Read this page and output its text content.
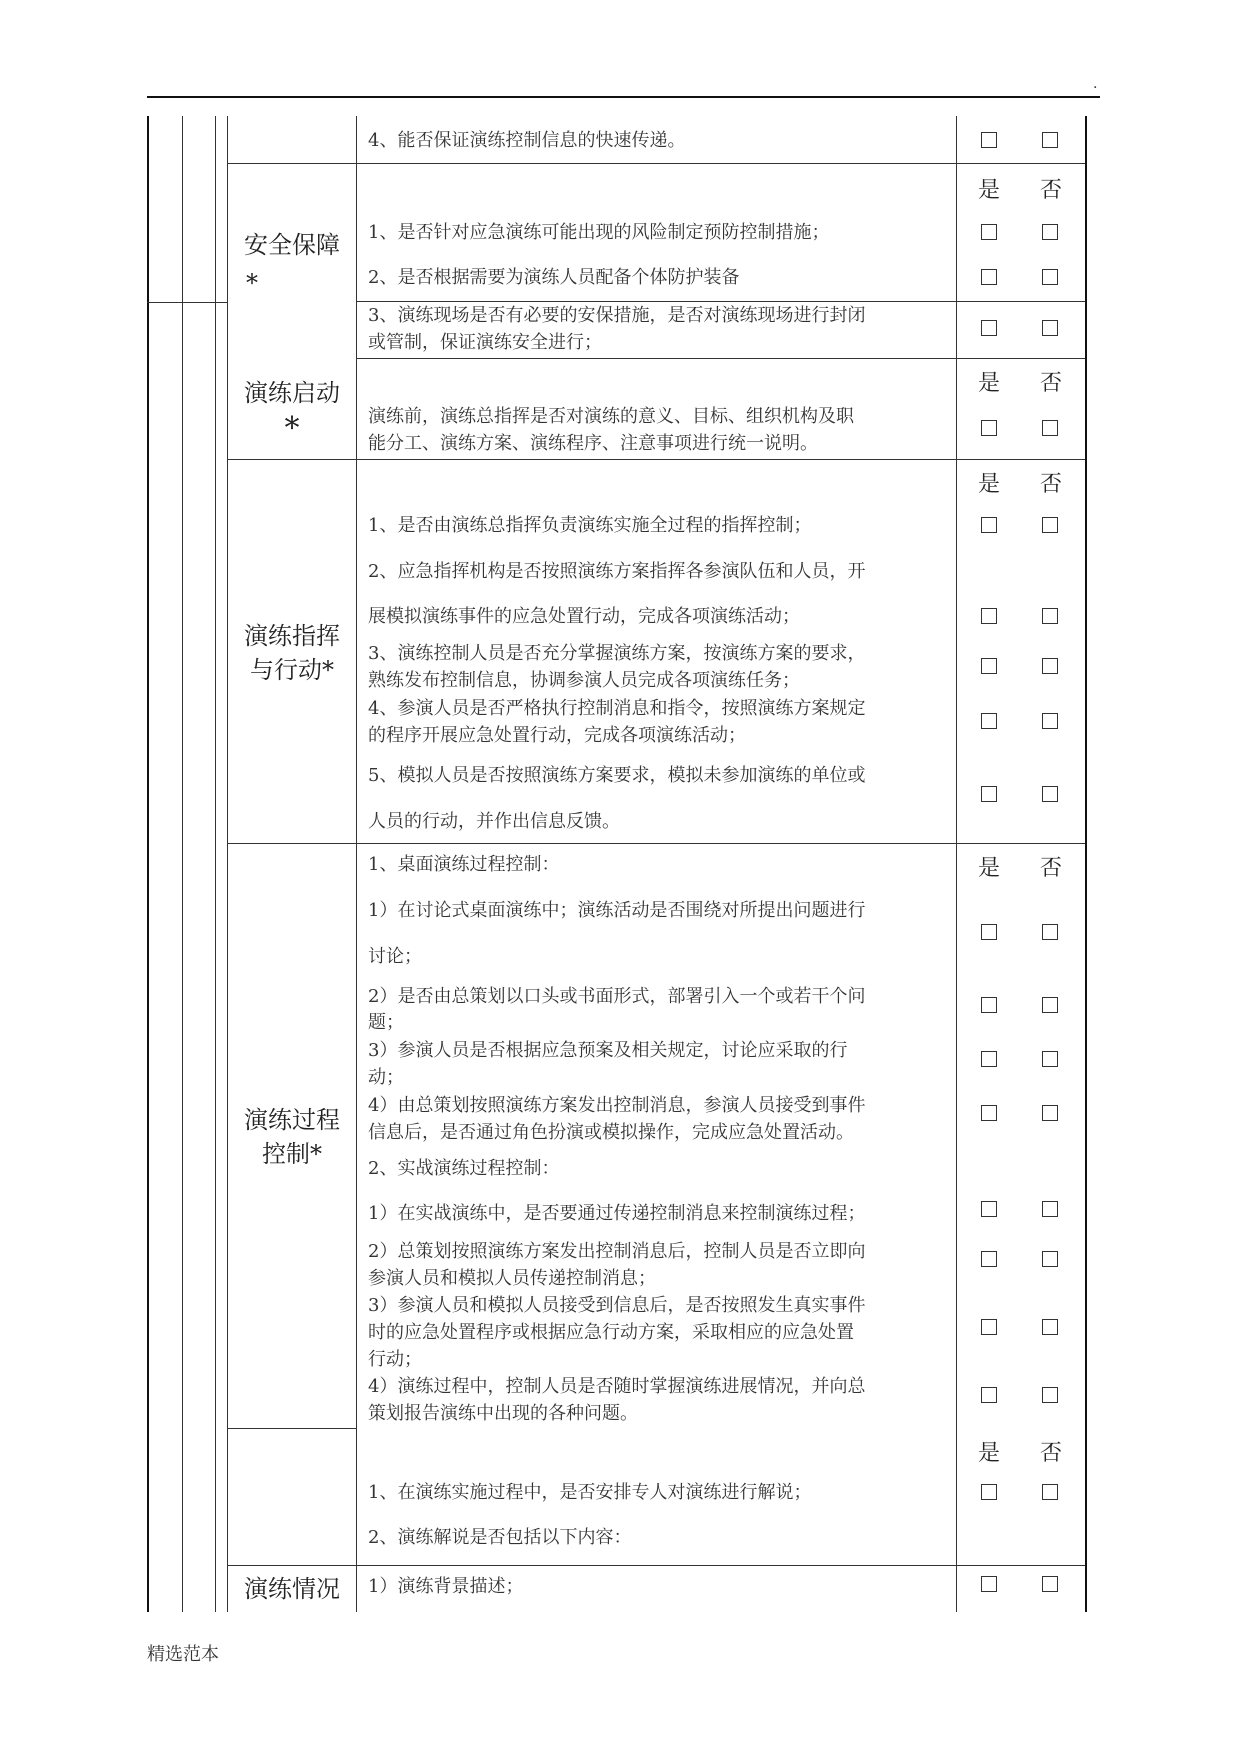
.
安全保障
*
演练启动
*
演练指挥
与行动*
演练过程
控制*
演练情况
是 否
是 否
是 否
是 否
是 否
4、能否保证演练控制信息的快速传递。
1、是否针对应急演练可能出现的风险制定预防控制措施；
2、是否根据需要为演练人员配备个体防护装备
3、演练现场是否有必要的安保措施，是否对演练现场进行封闭
或管制，保证演练安全进行；
演练前，演练总指挥是否对演练的意义、目标、组织机构及职
能分工、演练方案、演练程序、注意事项进行统一说明。
1、是否由演练总指挥负责演练实施全过程的指挥控制；
2、应急指挥机构是否按照演练方案指挥各参演队伍和人员，开
展模拟演练事件的应急处置行动，完成各项演练活动；
3、演练控制人员是否充分掌握演练方案，按演练方案的要求，
熟练发布控制信息，协调参演人员完成各项演练任务；
4、参演人员是否严格执行控制消息和指令，按照演练方案规定
的程序开展应急处置行动，完成各项演练活动；
5、模拟人员是否按照演练方案要求，模拟未参加演练的单位或
人员的行动，并作出信息反馈。
1、桌面演练过程控制：
1）在讨论式桌面演练中；演练活动是否围绕对所提出问题进行
讨论；
2）是否由总策划以口头或书面形式，部署引入一个或若干个问
题；
3）参演人员是否根据应急预案及相关规定，讨论应采取的行
动；
4）由总策划按照演练方案发出控制消息，参演人员接受到事件
信息后，是否通过角色扮演或模拟操作，完成应急处置活动。
2、实战演练过程控制：
1）在实战演练中，是否要通过传递控制消息来控制演练过程；
2）总策划按照演练方案发出控制消息后，控制人员是否立即向
参演人员和模拟人员传递控制消息；
3）参演人员和模拟人员接受到信息后，是否按照发生真实事件
时的应急处置程序或根据应急行动方案，采取相应的应急处置
行动；
4）演练过程中，控制人员是否随时掌握演练进展情况，并向总
策划报告演练中出现的各种问题。
1、在演练实施过程中，是否安排专人对演练进行解说；
2、演练解说是否包括以下内容：
1）演练背景描述；
精选范本
